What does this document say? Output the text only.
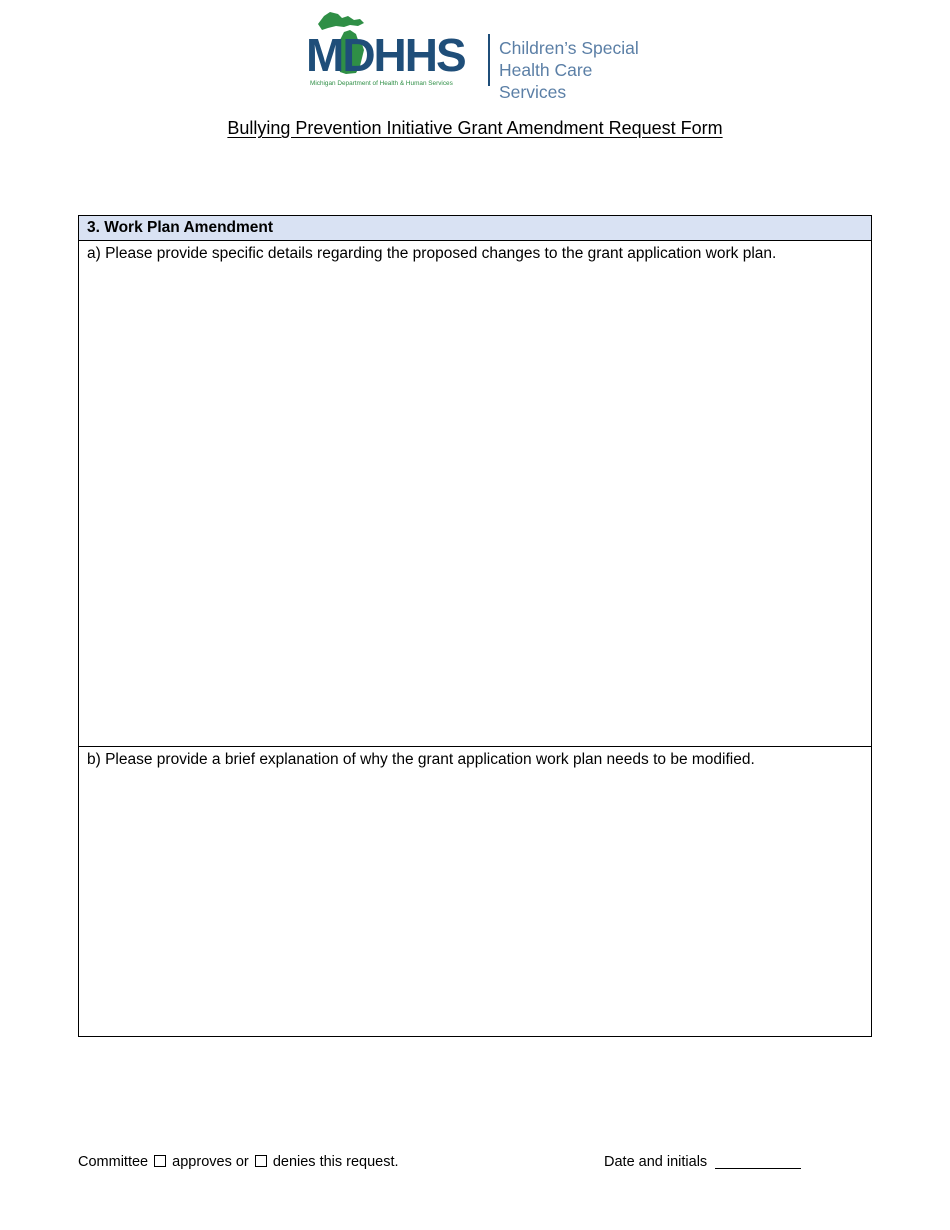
MDHHS
Michigan Department of Health & Human Services
Children’s Special
Health Care Services
Bullying Prevention Initiative Grant Amendment Request Form
3. Work Plan Amendment
a) Please provide specific details regarding the proposed changes to the grant application work plan.
b) Please provide a brief explanation of why the grant application work plan needs to be modified.
Committee approves or denies this request.	Date and initials
